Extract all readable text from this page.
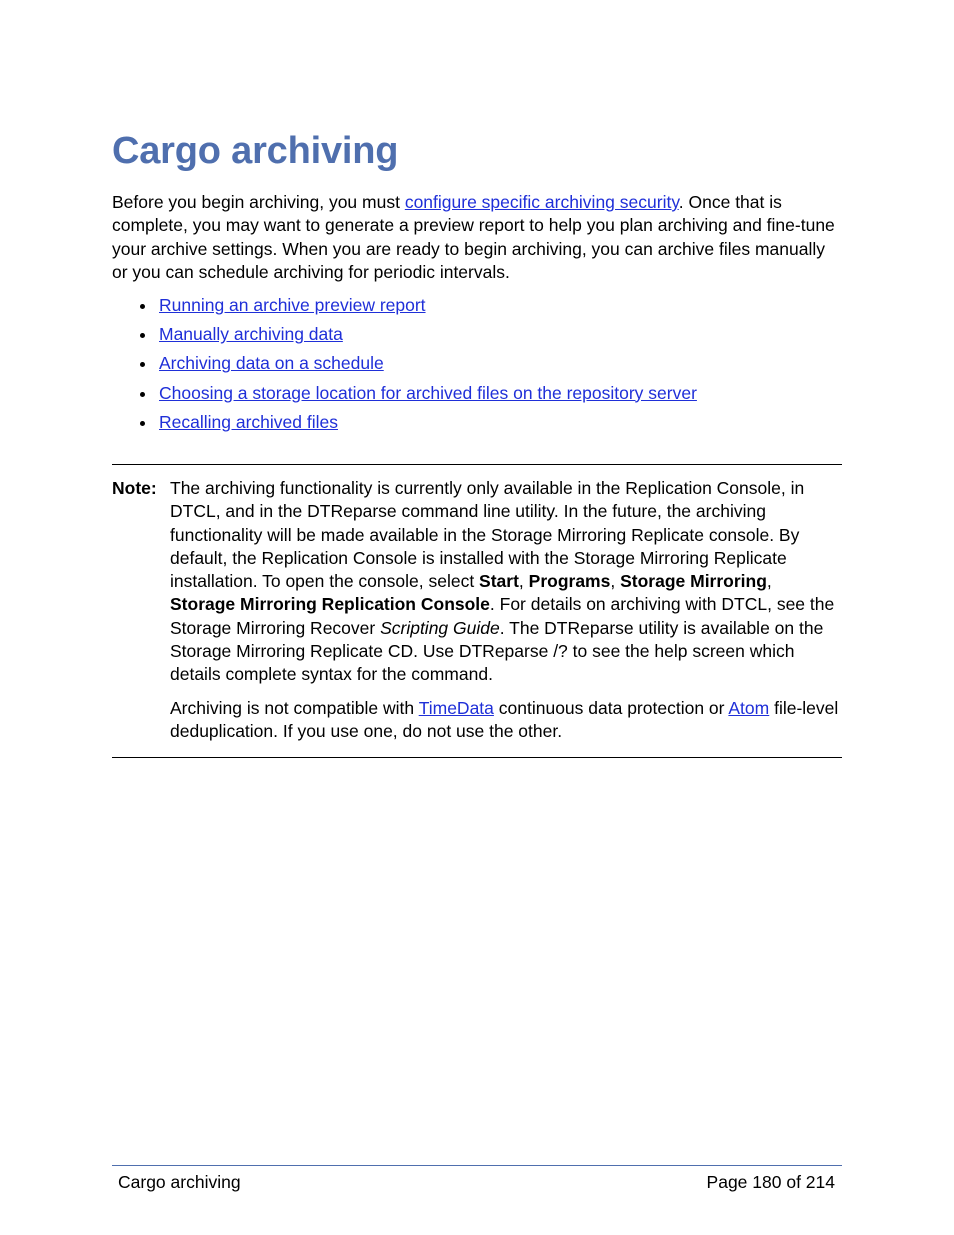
Cargo archiving

Before you begin archiving, you must configure specific archiving security. Once that is complete, you may want to generate a preview report to help you plan archiving and fine-tune your archive settings. When you are ready to begin archiving, you can archive files manually or you can schedule archiving for periodic intervals.

Running an archive preview report
Manually archiving data
Archiving data on a schedule
Choosing a storage location for archived files on the repository server
Recalling archived files
Note: The archiving functionality is currently only available in the Replication Console, in DTCL, and in the DTReparse command line utility. In the future, the archiving functionality will be made available in the Storage Mirroring Replicate console. By default, the Replication Console is installed with the Storage Mirroring Replicate installation. To open the console, select Start, Programs, Storage Mirroring, Storage Mirroring Replication Console. For details on archiving with DTCL, see the Storage Mirroring Recover Scripting Guide. The DTReparse utility is available on the Storage Mirroring Replicate CD. Use DTReparse /? to see the help screen which details complete syntax for the command.

Archiving is not compatible with TimeData continuous data protection or Atom file-level deduplication. If you use one, do not use the other.

Cargo archiving	Page 180 of 214
